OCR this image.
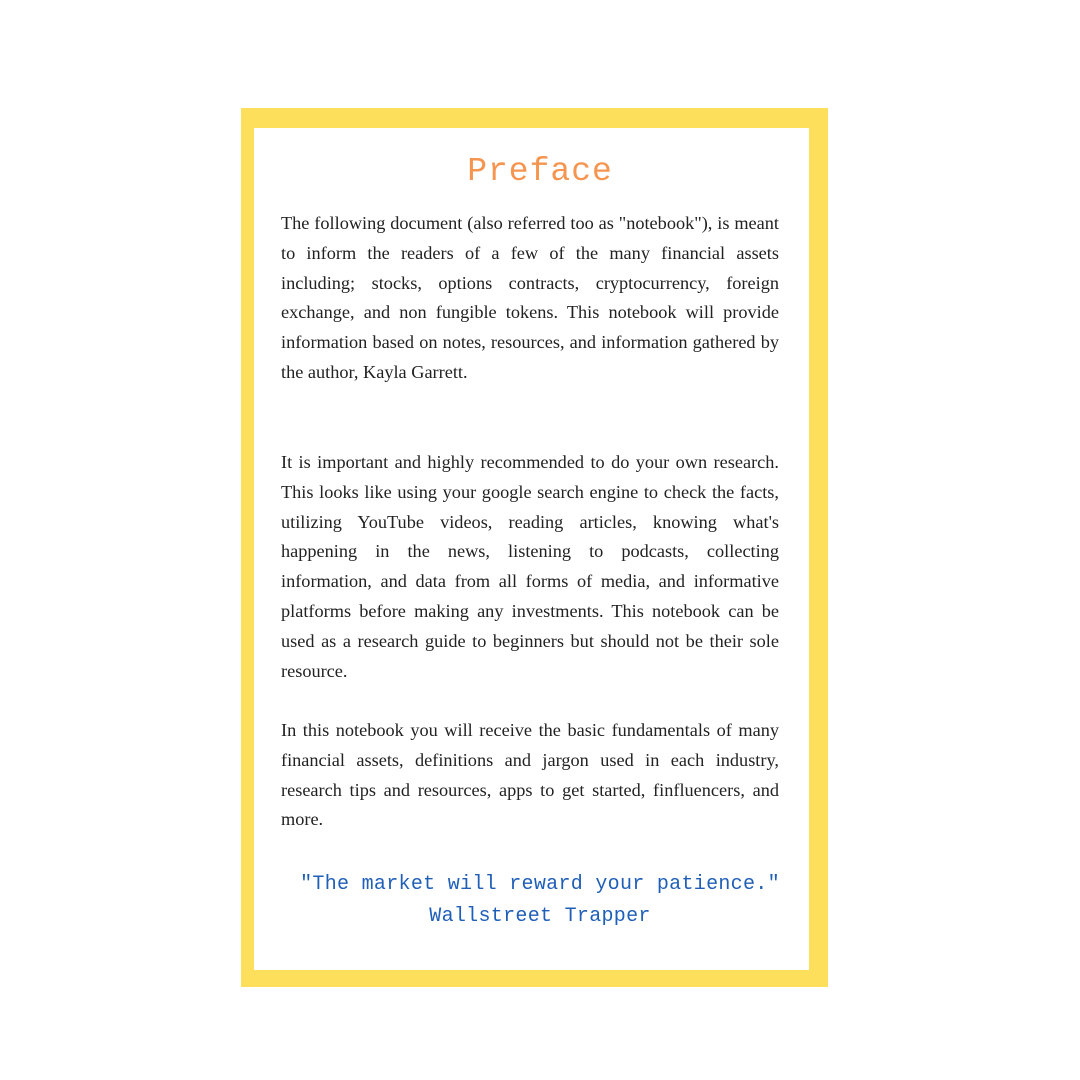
Preface

The following document (also referred too as "notebook"), is meant to inform the readers of a few of the many financial assets including; stocks, options contracts, cryptocurrency, foreign exchange, and non fungible tokens. This notebook will provide information based on notes, resources, and information gathered by the author, Kayla Garrett.

It is important and highly recommended to do your own research. This looks like using your google search engine to check the facts, utilizing YouTube videos, reading articles, knowing what's happening in the news, listening to podcasts, collecting information, and data from all forms of media, and informative platforms before making any investments. This notebook can be used as a research guide to beginners but should not be their sole resource.

In this notebook you will receive the basic fundamentals of many financial assets, definitions and jargon used in each industry, research tips and resources, apps to get started, finfluencers, and more.

"The market will reward your patience."

Wallstreet Trapper
